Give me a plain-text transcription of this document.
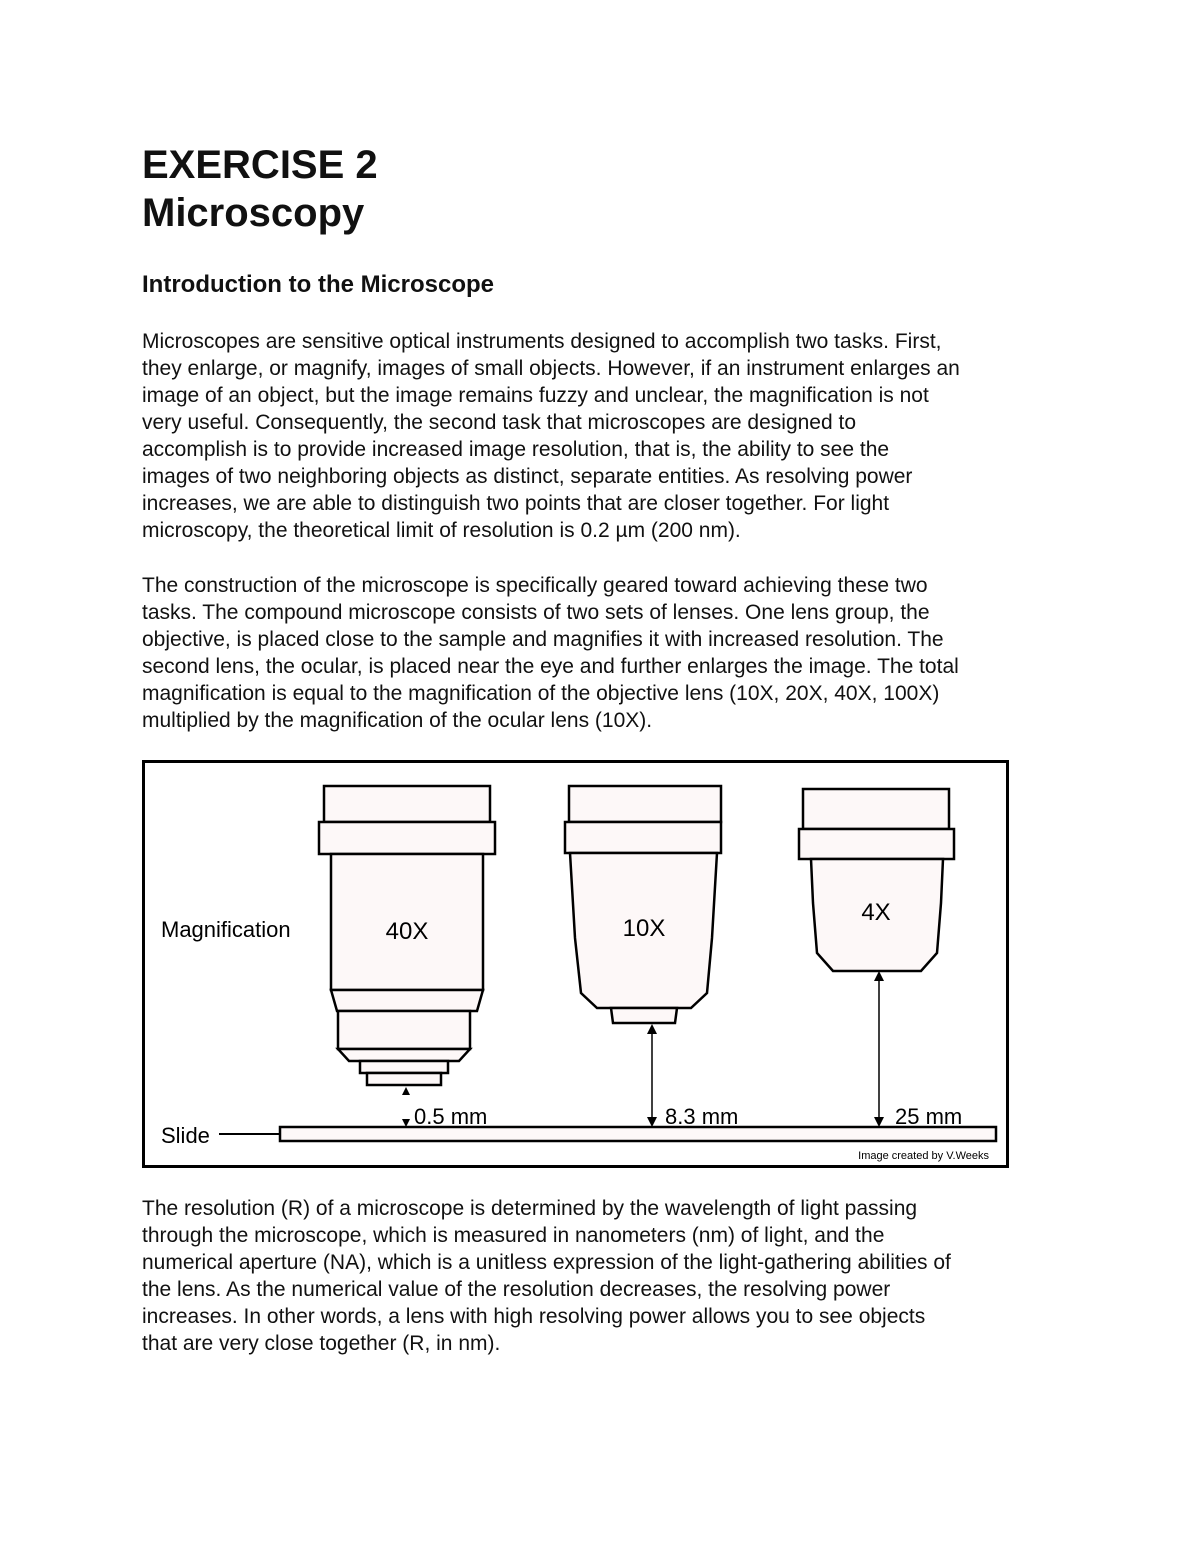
EXERCISE 2
Microscopy
Introduction to the Microscope

Microscopes are sensitive optical instruments designed to accomplish two tasks. First,

they enlarge, or magnify, images of small objects. However, if an instrument enlarges an

image of an object, but the image remains fuzzy and unclear, the magnification is not

very useful. Consequently, the second task that microscopes are designed to

accomplish is to provide increased image resolution, that is, the ability to see the

images of two neighboring objects as distinct, separate entities. As resolving power

increases, we are able to distinguish two points that are closer together. For light

microscopy, the theoretical limit of resolution is 0.2 µm (200 nm).

The construction of the microscope is specifically geared toward achieving these two

tasks. The compound microscope consists of two sets of lenses. One lens group, the

objective, is placed close to the sample and magnifies it with increased resolution. The

second lens, the ocular, is placed near the eye and further enlarges the image. The total

magnification is equal to the magnification of the objective lens (10X, 20X, 40X, 100X)

multiplied by the magnification of the ocular lens (10X).

Magnification	40X	10X
4X
0.5 mm	8.3 mm	25 mm
Slide
Image created by V.Weeks

The resolution (R) of a microscope is determined by the wavelength of light passing

through the microscope, which is measured in nanometers (nm) of light, and the

numerical aperture (NA), which is a unitless expression of the light-gathering abilities of

the lens. As the numerical value of the resolution decreases, the resolving power

increases. In other words, a lens with high resolving power allows you to see objects

that are very close together (R, in nm).
